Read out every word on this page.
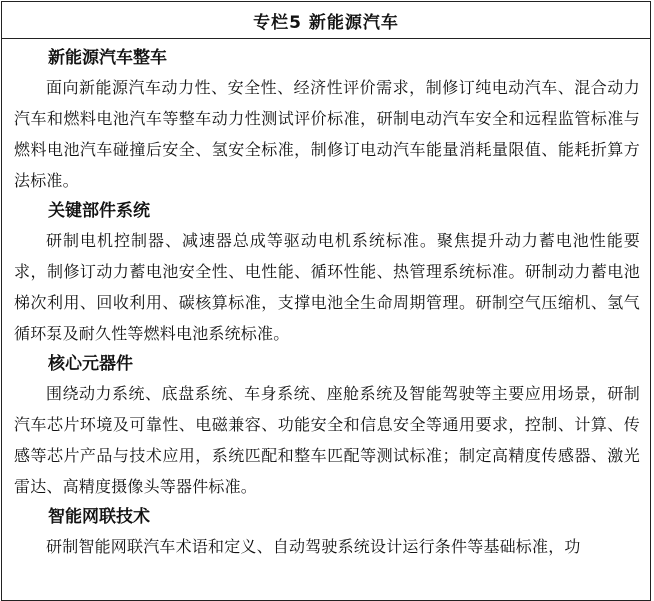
专栏5 新能源汽车
新能源汽车整车

面向新能源汽车动力性、安全性、经济性评价需求，制修订纯电动汽车、混合动力汽车和燃料电池汽车等整车动力性测试评价标准，研制电动汽车安全和远程监管标准与燃料电池汽车碰撞后安全、氢安全标准，制修订电动汽车能量消耗量限值、能耗折算方法标准。

关键部件系统

研制电机控制器、减速器总成等驱动电机系统标准。聚焦提升动力蓄电池性能要求，制修订动力蓄电池安全性、电性能、循环性能、热管理系统标准。研制动力蓄电池梯次利用、回收利用、碳核算标准，支撑电池全生命周期管理。研制空气压缩机、氢气循环泵及耐久性等燃料电池系统标准。

核心元器件

围绕动力系统、底盘系统、车身系统、座舱系统及智能驾驶等主要应用场景，研制汽车芯片环境及可靠性、电磁兼容、功能安全和信息安全等通用要求，控制、计算、传感等芯片产品与技术应用，系统匹配和整车匹配等测试标准；制定高精度传感器、激光雷达、高精度摄像头等器件标准。

智能网联技术

研制智能网联汽车术语和定义、自动驾驶系统设计运行条件等基础标准，功
